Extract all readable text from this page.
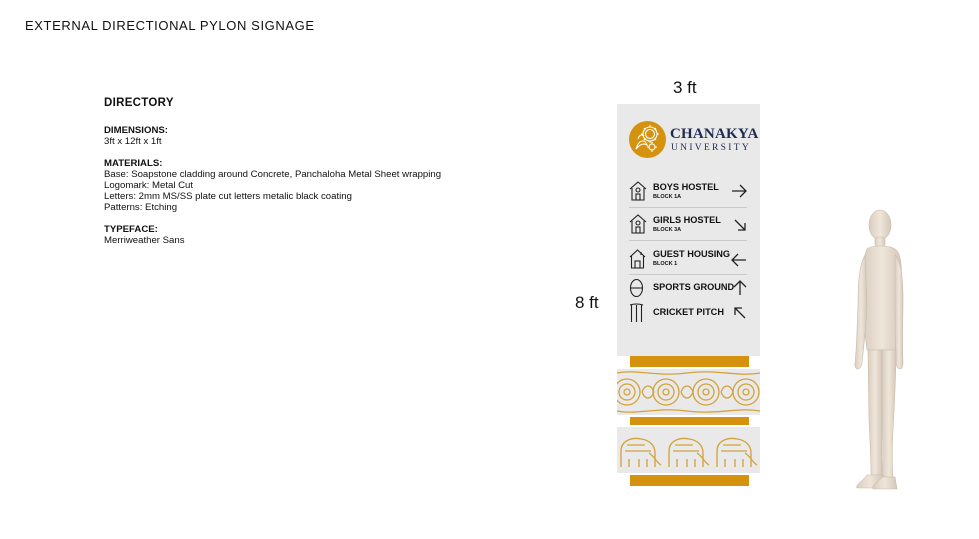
EXTERNAL DIRECTIONAL PYLON SIGNAGE
DIRECTORY
DIMENSIONS:
3ft x 12ft x 1ft
MATERIALS:
Base: Soapstone cladding around Concrete, Panchaloha Metal Sheet wrapping
Logomark: Metal Cut
Letters: 2mm MS/SS plate cut letters metalic black coating
Patterns: Etching
TYPEFACE:
Merriweather Sans
3 ft
8 ft
CHANAKYA
UNIVERSITY
BOYS HOSTEL
BLOCK 1A
GIRLS HOSTEL
BLOCK 3A
GUEST HOUSING
BLOCK 1
SPORTS GROUND
CRICKET PITCH
